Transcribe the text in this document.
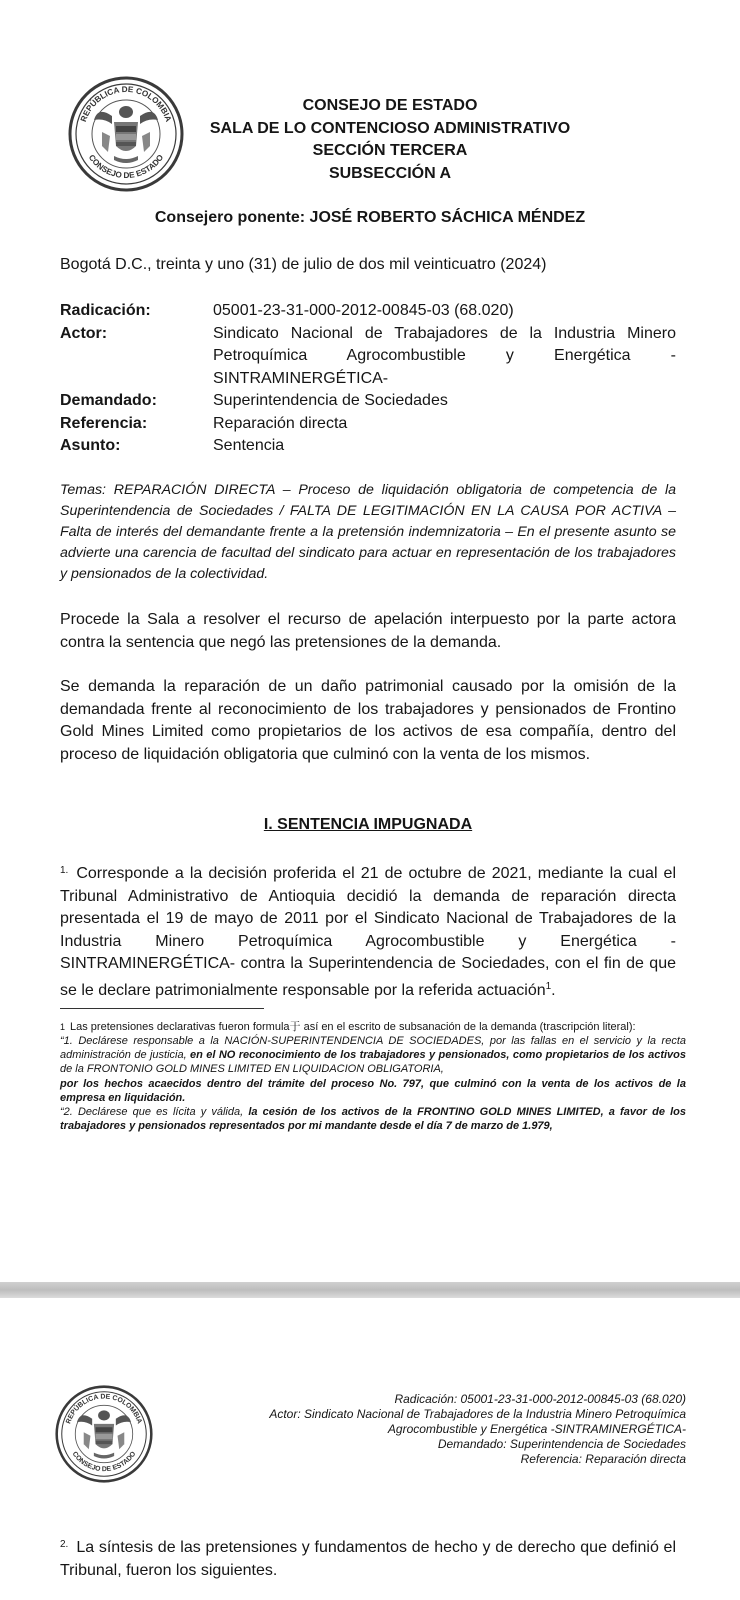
REPÚBLICA DE COLOMBIA
CONSEJO DE ESTADO
CONSEJO DE ESTADO
SALA DE LO CONTENCIOSO ADMINISTRATIVO
SECCIÓN TERCERA
SUBSECCIÓN A
Consejero ponente: JOSÉ ROBERTO SÁCHICA MÉNDEZ
Bogotá D.C., treinta y uno (31) de julio de dos mil veinticuatro (2024)
Radicación:	05001-23-31-000-2012-00845-03 (68.020)
Actor:	Sindicato Nacional de Trabajadores de la Industria Minero Petroquímica Agrocombustible y Energética - SINTRAMINERGÉTICA-
Demandado:	Superintendencia de Sociedades
Referencia:	Reparación directa
Asunto:	Sentencia
Temas: REPARACIÓN DIRECTA – Proceso de liquidación obligatoria de competencia de la Superintendencia de Sociedades / FALTA DE LEGITIMACIÓN EN LA CAUSA POR ACTIVA – Falta de interés del demandante frente a la pretensión indemnizatoria – En el presente asunto se advierte una carencia de facultad del sindicato para actuar en representación de los trabajadores y pensionados de la colectividad.
Procede la Sala a resolver el recurso de apelación interpuesto por la parte actora contra la sentencia que negó las pretensiones de la demanda.
Se demanda la reparación de un daño patrimonial causado por la omisión de la demandada frente al reconocimiento de los trabajadores y pensionados de Frontino Gold Mines Limited como propietarios de los activos de esa compañía, dentro del proceso de liquidación obligatoria que culminó con la venta de los mismos.
I. SENTENCIA IMPUGNADA
$^{1.}$ Corresponde a la decisión proferida el 21 de octubre de 2021, mediante la cual el Tribunal Administrativo de Antioquia decidió la demanda de reparación directa presentada el 19 de mayo de 2011 por el Sindicato Nacional de Trabajadores de la Industria Minero Petroquímica Agrocombustible y Energética - SINTRAMINERGÉTICA- contra la Superintendencia de Sociedades, con el fin de que se le declare patrimonialmente responsable por la referida actuación$^1$.
1 Las pretensiones declarativas fueron formula于 así en el escrito de subsanación de la demanda (trascripción literal):
“1. Declárese responsable a la NACIÓN-SUPERINTENDENCIA DE SOCIEDADES, por las fallas en el servicio y la recta administración de justicia, en el NO reconocimiento de los trabajadores y pensionados, como propietarios de los activos de la FRONTONIO GOLD MINES LIMITED EN LIQUIDACION OBLIGATORIA,
por los hechos acaecidos dentro del trámite del proceso No. 797, que culminó con la venta de los activos de la empresa en liquidación.
“2. Declárese que es lícita y válida, la cesión de los activos de la FRONTINO GOLD MINES LIMITED, a favor de los trabajadores y pensionados representados por mi mandante desde el día 7 de marzo de 1.979,
REPÚBLICA DE COLOMBIA
CONSEJO DE ESTADO
Radicación: 05001-23-31-000-2012-00845-03 (68.020)
Actor: Sindicato Nacional de Trabajadores de la Industria Minero Petroquímica
Agrocombustible y Energética -SINTRAMINERGÉTICA-
Demandado: Superintendencia de Sociedades
Referencia: Reparación directa
$^{2.}$ La síntesis de las pretensiones y fundamentos de hecho y de derecho que definió el Tribunal, fueron los siguientes.
